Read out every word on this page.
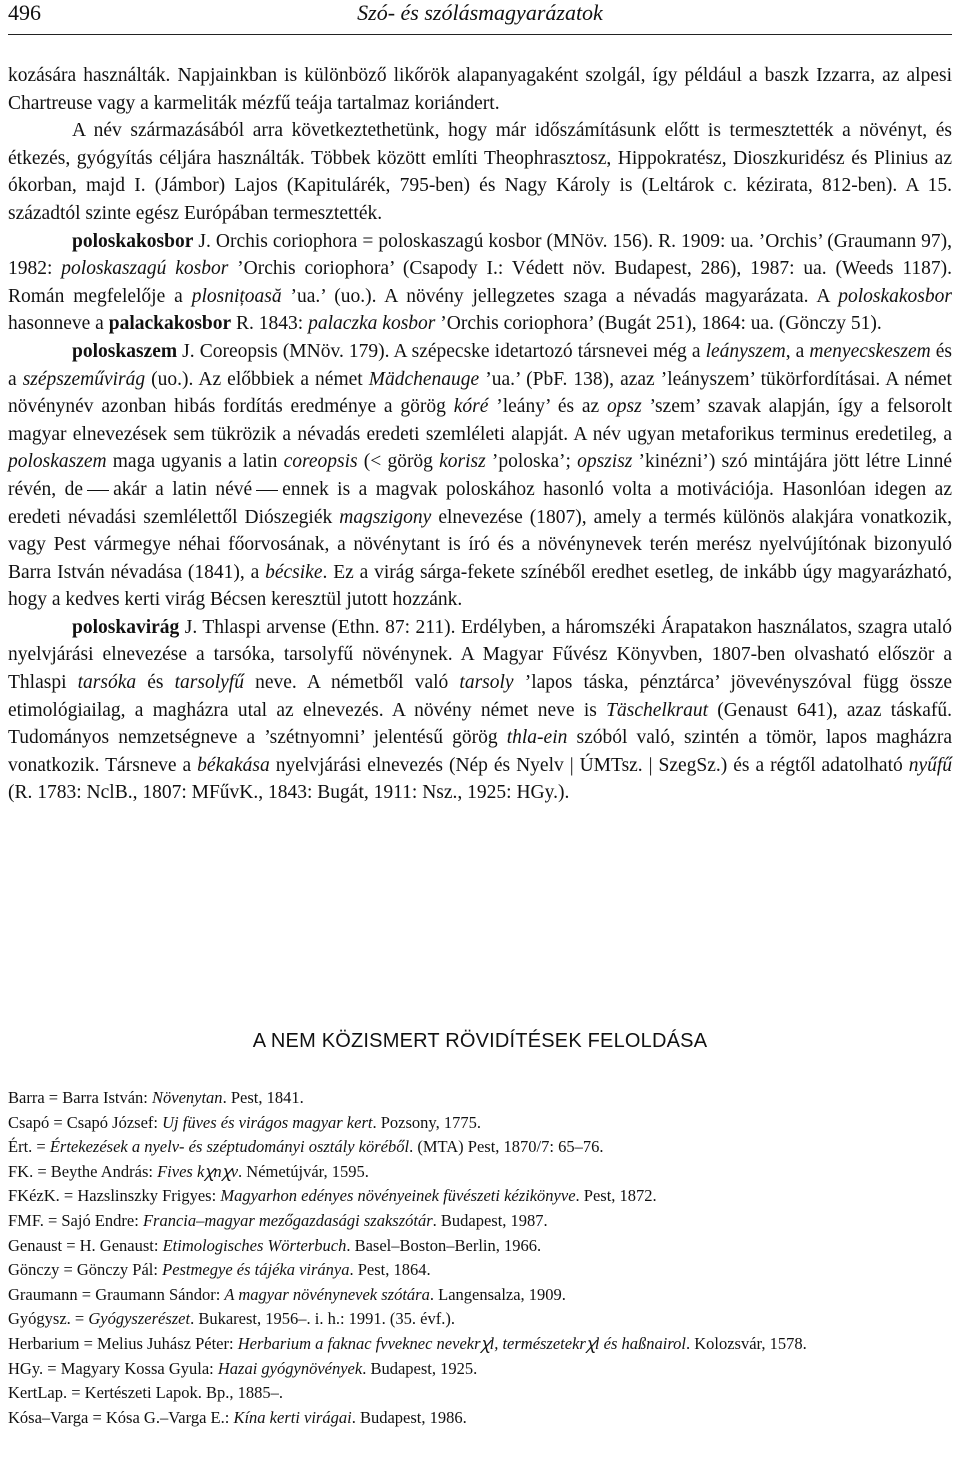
496	Szó- és szólásmagyarázatok

kozására használták. Napjainkban is különböző likőrök alapanyagaként szolgál, így például a baszk Izzarra, az alpesi Chartreuse vagy a karmeliták mézfű teája tartalmaz koriándert.

A név származásából arra következtethetünk, hogy már időszámításunk előtt is termesztették a növényt, és étkezés, gyógyítás céljára használták. Többek között említi Theophrasztosz, Hippokratész, Dioszkuridész és Plinius az ókorban, majd I. (Jámbor) Lajos (Kapitulárék, 795-ben) és Nagy Károly is (Leltárok c. kézirata, 812-ben). A 15. századtól szinte egész Európában termesztették.

poloskakosbor J. Orchis coriophora = poloskaszagú kosbor (MNöv. 156). R. 1909: ua. ’Orchis’ (Graumann 97), 1982: poloskaszagú kosbor ’Orchis coriophora’ (Csapody I.: Védett növ. Budapest, 286), 1987: ua. (Weeds 1187). Román megfelelője a plosnițoasă ’ua.’ (uo.). A növény jellegzetes szaga a névadás magyarázata. A poloskakosbor hasonneve a palackakosbor R. 1843: palaczka kosbor ’Orchis coriophora’ (Bugát 251), 1864: ua. (Gönczy 51).

poloskaszem J. Coreopsis (MNöv. 179). A szépecske idetartozó társnevei még a leányszem, a menyecskeszem és a szépszeművirág (uo.). Az előbbiek a német Mädchenauge ’ua.’ (PbF. 138), azaz ’leányszem’ tükörfordításai. A német növénynév azonban hibás fordítás eredménye a görög kóré ’leány’ és az opsz ’szem’ szavak alapján, így a felsorolt magyar elnevezések sem tükrözik a névadás eredeti szemléleti alapját. A név ugyan metaforikus terminus eredetileg, a poloskaszem maga ugyanis a latin coreopsis (< görög korisz ’poloska’; opszisz ’kinézni’) szó mintájára jött létre Linné révén, de akár a latin névé ennek is a magvak poloskához hasonló volta a motivációja. Hasonlóan idegen az eredeti névadási szemlélettől Diószegiék magszigony elnevezése (1807), amely a termés különös alakjára vonatkozik, vagy Pest vármegye néhai főorvosának, a növénytant is író és a növénynevek terén merész nyelvújítónak bizonyuló Barra István névadása (1841), a bécsike. Ez a virág sárga-fekete színéből eredhet esetleg, de inkább úgy magyarázható, hogy a kedves kerti virág Bécsen keresztül jutott hozzánk.

poloskavirág J. Thlaspi arvense (Ethn. 87: 211). Erdélyben, a háromszéki Árapatakon használatos, szagra utaló nyelvjárási elnevezése a tarsóka, tarsolyfű növénynek. A Magyar Fűvész Könyvben, 1807-ben olvasható először a Thlaspi tarsóka és tarsolyfű neve. A németből való tarsoly ’lapos táska, pénztárca’ jövevényszóval függ össze etimológiailag, a magházra utal az elnevezés. A növény német neve is Täschelkraut (Genaust 641), azaz táskafű. Tudományos nemzetségneve a ’szétnyomni’ jelentésű görög thla-ein szóból való, szintén a tömör, lapos magházra vonatkozik. Társneve a békakása nyelvjárási elnevezés (Nép és Nyelv | ÚMTsz. | SzegSz.) és a régtől adatolható nyűfű (R. 1783: NclB., 1807: MFűvK., 1843: Bugát, 1911: Nsz., 1925: HGy.).

A NEM KÖZISMERT RÖVIDÍTÉSEK FELOLDÁSA
Barra = Barra István: Növenytan. Pest, 1841.
Csapó = Csapó József: Uj füves és virágos magyar kert. Pozsony, 1775.
Ért. = Értekezések a nyelv- és széptudományi osztály köréből. (MTA) Pest, 1870/7: 65–76.
FK. = Beythe András: Fives kꭓnꭓv. Németújvár, 1595.
FKézK. = Hazslinszky Frigyes: Magyarhon edényes növényeinek füvészeti kézikönyve. Pest, 1872.
FMF. = Sajó Endre: Francia–magyar mezőgazdasági szakszótár. Budapest, 1987.
Genaust = H. Genaust: Etimologisches Wörterbuch. Basel–Boston–Berlin, 1966.
Gönczy = Gönczy Pál: Pestmegye és tájéka viránya. Pest, 1864.
Graumann = Graumann Sándor: A magyar növénynevek szótára. Langensalza, 1909.
Gyógysz. = Gyógyszerészet. Bukarest, 1956–. i. h.: 1991. (35. évf.).
Herbarium = Melius Juhász Péter: Herbarium a faknac fvveknec nevekrꭓl, természetekrꭓl és haßnairol. Kolozsvár, 1578.
HGy. = Magyary Kossa Gyula: Hazai gyógynövények. Budapest, 1925.
KertLap. = Kertészeti Lapok. Bp., 1885–.
Kósa–Varga = Kósa G.–Varga E.: Kína kerti virágai. Budapest, 1986.
